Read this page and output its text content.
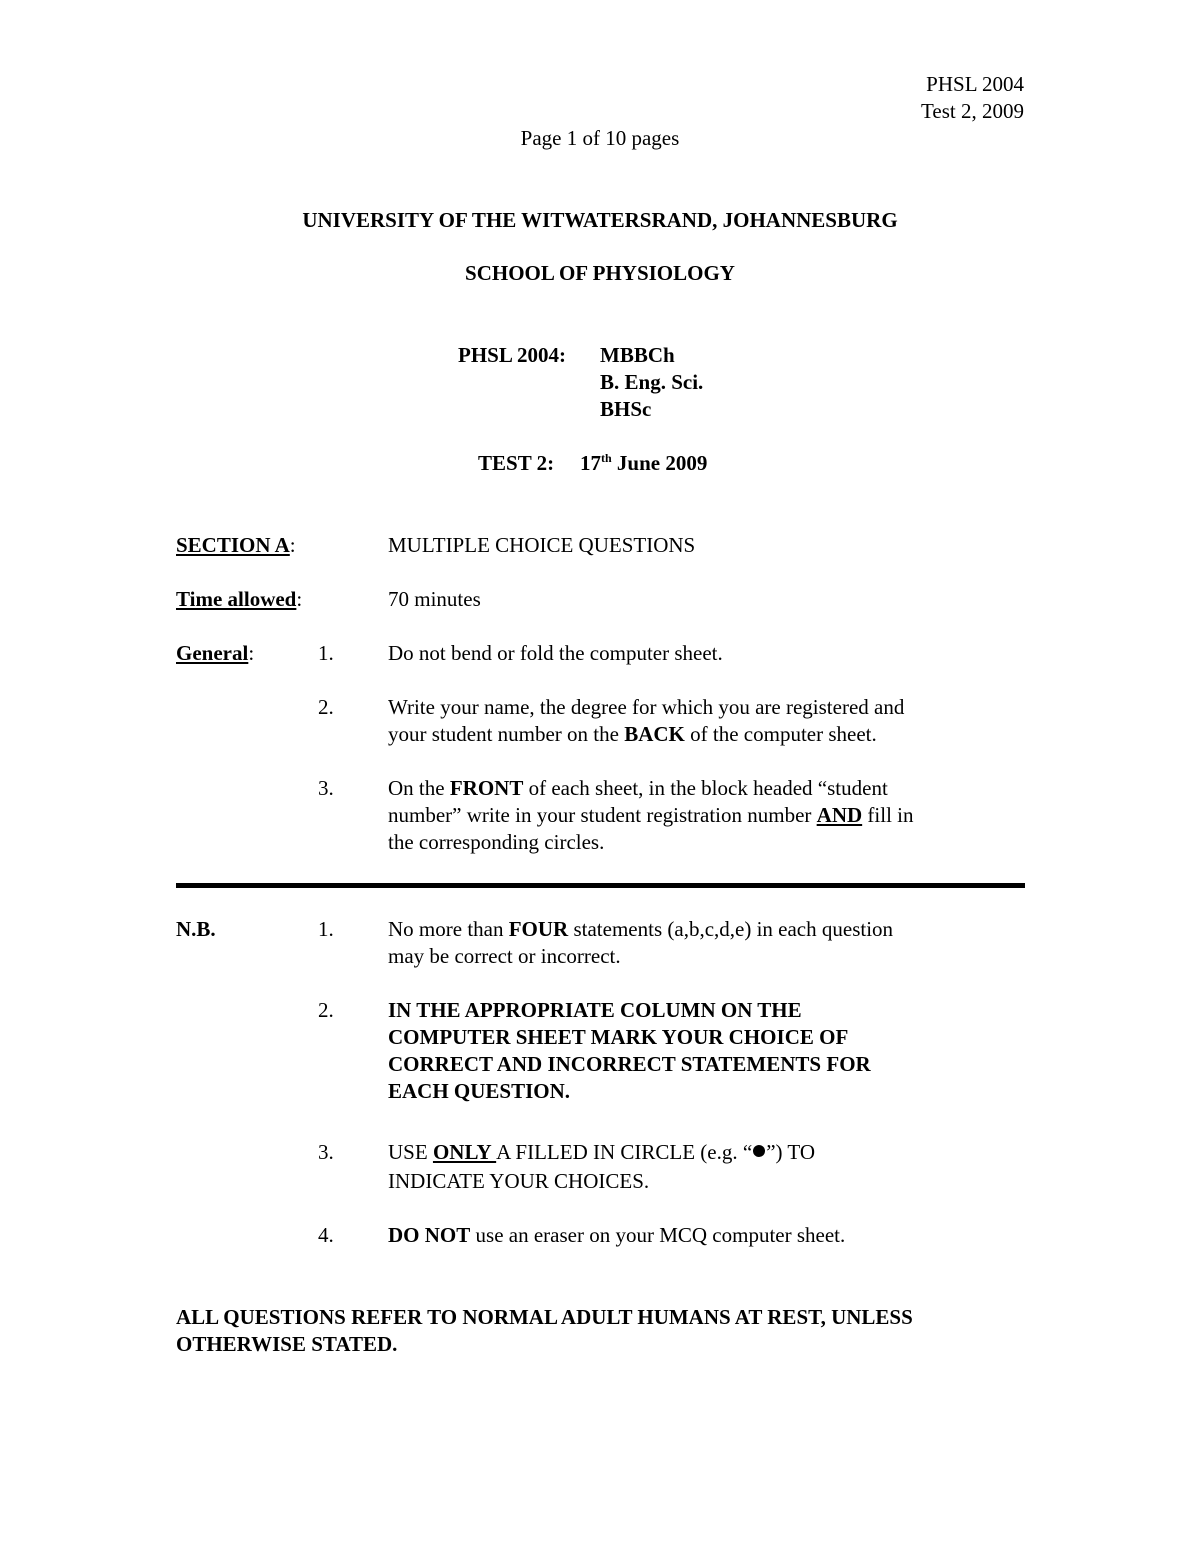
PHSL 2004
Test 2, 2009
Page 1 of 10 pages
UNIVERSITY OF THE WITWATERSRAND, JOHANNESBURG
SCHOOL OF PHYSIOLOGY
PHSL 2004: MBBCh
B. Eng. Sci.
BHSc
TEST 2: 17th June 2009
SECTION A:	MULTIPLE CHOICE QUESTIONS
Time allowed:	70 minutes
General:	1.	Do not bend or fold the computer sheet.
2.	Write your name, the degree for which you are registered and
your student number on the BACK of the computer sheet.
3.	On the FRONT of each sheet, in the block headed “student
number” write in your student registration number AND fill in
the corresponding circles.
N.B.	1.	No more than FOUR statements (a,b,c,d,e) in each question
may be correct or incorrect.
2.	IN THE APPROPRIATE COLUMN ON THE
COMPUTER SHEET MARK YOUR CHOICE OF
CORRECT AND INCORRECT STATEMENTS FOR
EACH QUESTION.
3.	USE ONLY A FILLED IN CIRCLE (e.g. “ ”) TO
INDICATE YOUR CHOICES.
4.	DO NOT use an eraser on your MCQ computer sheet.
ALL QUESTIONS REFER TO NORMAL ADULT HUMANS AT REST, UNLESS
OTHERWISE STATED.
